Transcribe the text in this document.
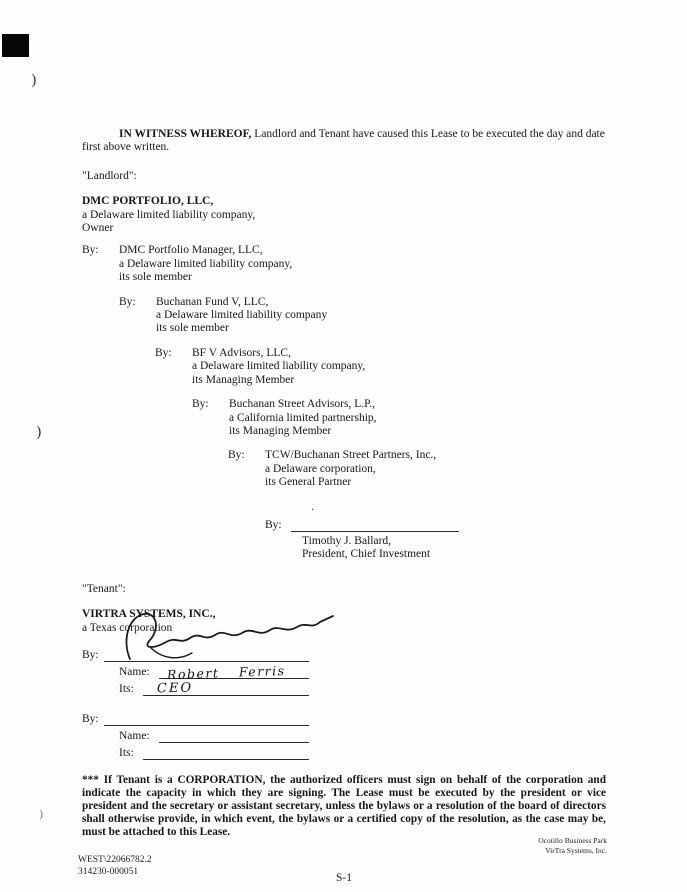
)
)
)
.
IN WITNESS WHEREOF, Landlord and Tenant have caused this Lease to be executed the day and date
first above written.
"Landlord":
DMC PORTFOLIO, LLC,
a Delaware limited liability company,
Owner
By:	DMC Portfolio Manager, LLC,
a Delaware limited liability company,
its sole member
By:	Buchanan Fund V, LLC,
a Delaware limited liability company
its sole member
By:	BF V Advisors, LLC,
a Delaware limited liability company,
its Managing Member
By:	Buchanan Street Advisors, L.P.,
a California limited partnership,
its Managing Member
By:	TCW/Buchanan Street Partners, Inc.,
a Delaware corporation,
its General Partner
By:
Timothy J. Ballard,
President, Chief Investment
"Tenant":
VIRTRA SYSTEMS, INC.,
a Texas corporation
By:
Name:	Robert Ferris
Its:	CEO
By:
Name:
Its:
*** If Tenant is a CORPORATION, the authorized officers must sign on behalf of the corporation and indicate the capacity in which they are signing. The Lease must be executed by the president or vice president and the secretary or assistant secretary, unless the bylaws or a resolution of the board of directors shall otherwise provide, in which event, the bylaws or a certified copy of the resolution, as the case may be, must be attached to this Lease.
S-1
Ocotillo Business Park
VirTra Systems, Inc.
WEST\22066782.2
314230-000051
